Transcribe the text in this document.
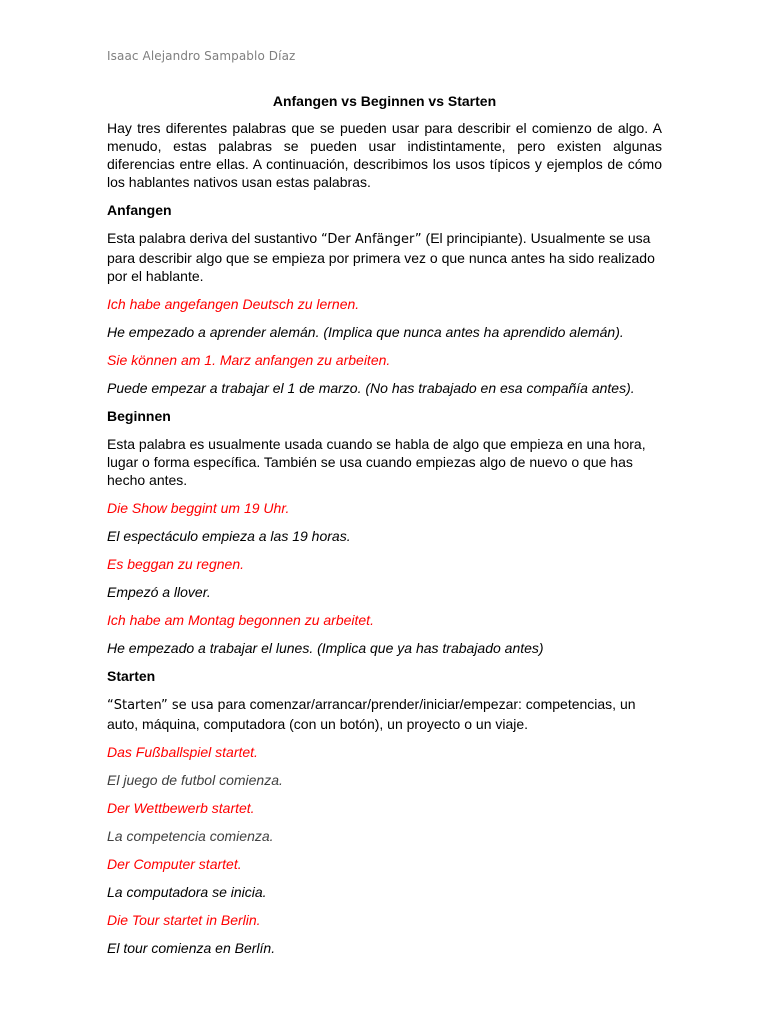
Isaac Alejandro Sampablo Díaz
Anfangen vs Beginnen vs Starten
Hay tres diferentes palabras que se pueden usar para describir el comienzo de algo. A menudo, estas palabras se pueden usar indistintamente, pero existen algunas diferencias entre ellas. A continuación, describimos los usos típicos y ejemplos de cómo los hablantes nativos usan estas palabras.
Anfangen
Esta palabra deriva del sustantivo “Der Anfänger” (El principiante). Usualmente se usa para describir algo que se empieza por primera vez o que nunca antes ha sido realizado por el hablante.
Ich habe angefangen Deutsch zu lernen.
He empezado a aprender alemán. (Implica que nunca antes ha aprendido alemán).
Sie können am 1. Marz anfangen zu arbeiten.
Puede empezar a trabajar el 1 de marzo. (No has trabajado en esa compañía antes).
Beginnen
Esta palabra es usualmente usada cuando se habla de algo que empieza en una hora, lugar o forma específica. También se usa cuando empiezas algo de nuevo o que has hecho antes.
Die Show beggint um 19 Uhr.
El espectáculo empieza a las 19 horas.
Es beggan zu regnen.
Empezó a llover.
Ich habe am Montag begonnen zu arbeitet.
He empezado a trabajar el lunes. (Implica que ya has trabajado antes)
Starten
“Starten” se usa para comenzar/arrancar/prender/iniciar/empezar: competencias, un auto, máquina, computadora (con un botón), un proyecto o un viaje.
Das Fußballspiel startet.
El juego de futbol comienza.
Der Wettbewerb startet.
La competencia comienza.
Der Computer startet.
La computadora se inicia.
Die Tour startet in Berlin.
El tour comienza en Berlín.
